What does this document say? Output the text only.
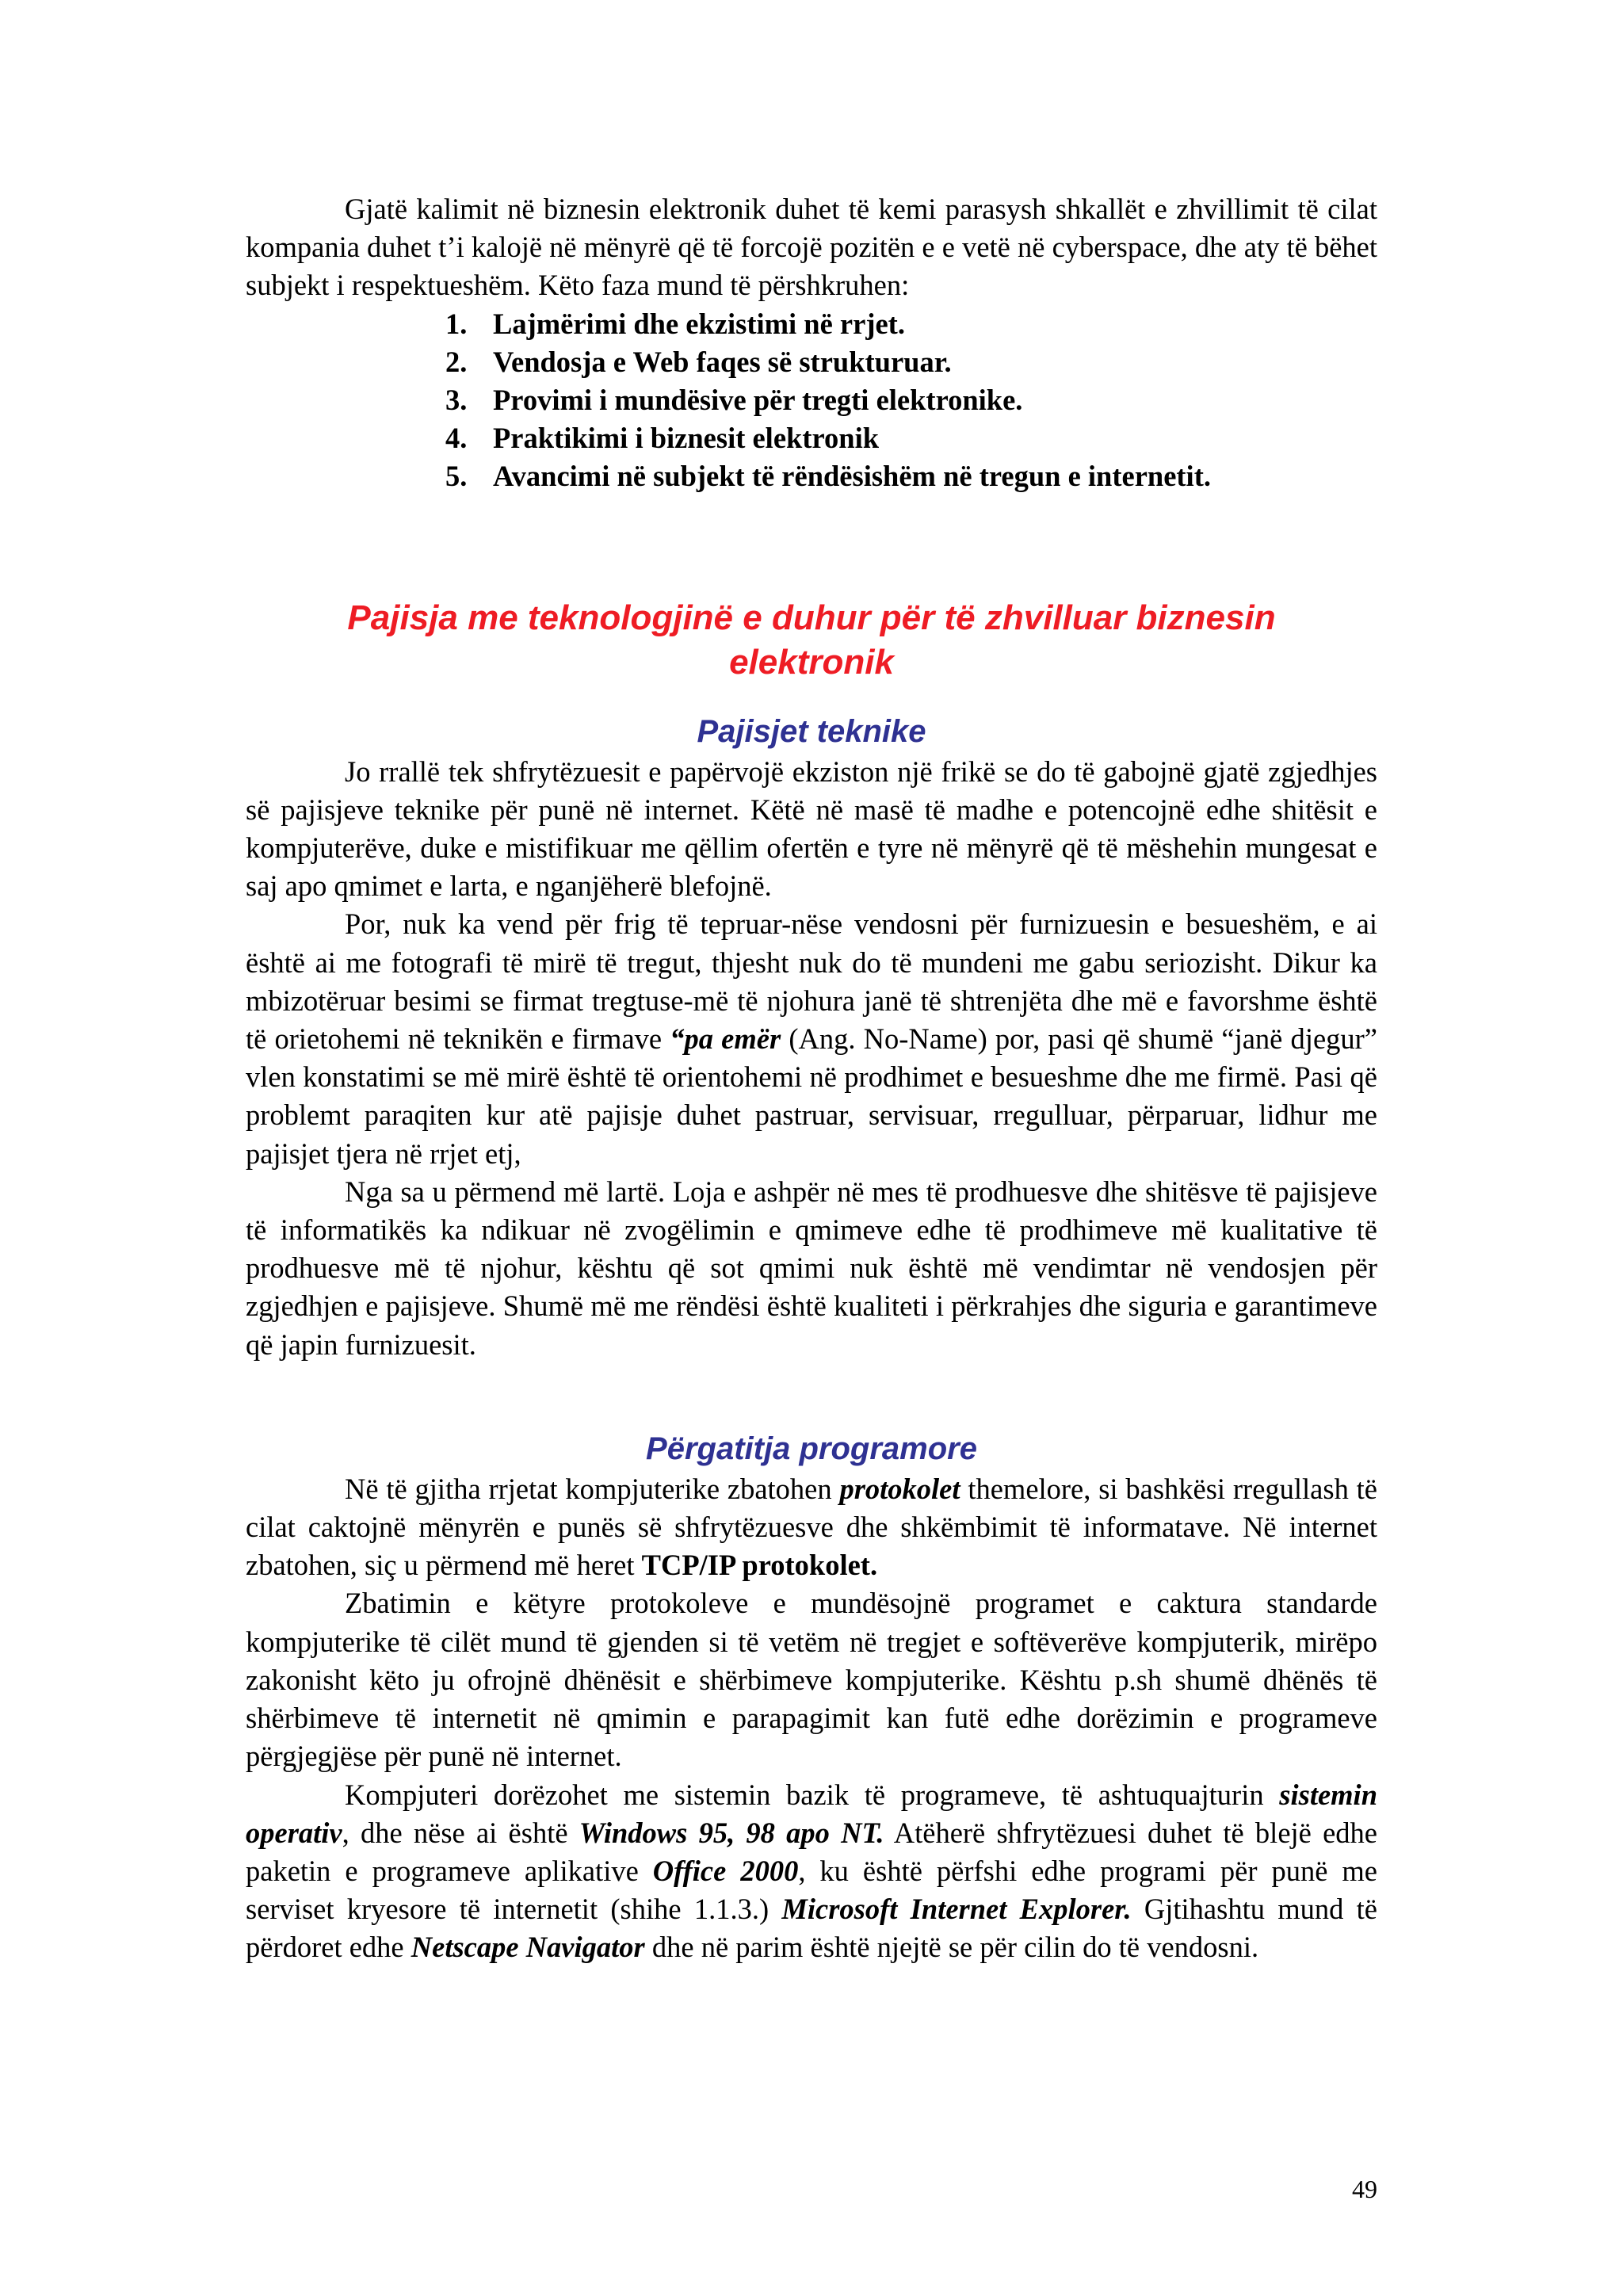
Gjatë kalimit në biznesin elektronik duhet të kemi parasysh shkallët e zhvillimit të cilat kompania duhet t’i kalojë në mënyrë që të forcojë pozitën e e vetë në cyberspace, dhe aty të bëhet subjekt i respektueshëm. Këto faza mund të përshkruhen:

1. Lajmërimi dhe ekzistimi në rrjet.
2. Vendosja e Web faqes së strukturuar.
3. Provimi i mundësive për tregti elektronike.
4. Praktikimi i biznesit elektronik
5. Avancimi në subjekt të rëndësishëm në tregun e internetit.
Pajisja me teknologjinë e duhur për të zhvilluar biznesin
elektronik
Pajisjet teknike

Jo rrallë tek shfrytëzuesit e papërvojë ekziston një frikë se do të gabojnë gjatë zgjedhjes së pajisjeve teknike për punë në internet. Këtë në masë të madhe e potencojnë edhe shitësit e kompjuterëve, duke e mistifikuar me qëllim ofertën e tyre në mënyrë që të mëshehin mungesat e saj apo qmimet e larta, e nganjëherë blefojnë.

Por, nuk ka vend për frig të tepruar-nëse vendosni për furnizuesin e besueshëm, e ai është ai me fotografi të mirë të tregut, thjesht nuk do të mundeni me gabu seriozisht. Dikur ka mbizotëruar besimi se firmat tregtuse-më të njohura janë të shtrenjëta dhe më e favorshme është të orietohemi në teknikën e firmave “pa emër (Ang. No-Name) por, pasi që shumë “janë djegur” vlen konstatimi se më mirë është të orientohemi në prodhimet e besueshme dhe me firmë. Pasi që problemt paraqiten kur atë pajisje duhet pastruar, servisuar, rregulluar, përparuar, lidhur me pajisjet tjera në rrjet etj,

Nga sa u përmend më lartë. Loja e ashpër në mes të prodhuesve dhe shitësve të pajisjeve të informatikës ka ndikuar në zvogëlimin e qmimeve edhe të prodhimeve më kualitative të prodhuesve më të njohur, kështu që sot qmimi nuk është më vendimtar në vendosjen për zgjedhjen e pajisjeve. Shumë më me rëndësi është kualiteti i përkrahjes dhe siguria e garantimeve që japin furnizuesit.

Përgatitja programore

Në të gjitha rrjetat kompjuterike zbatohen protokolet themelore, si bashkësi rregullash të cilat caktojnë mënyrën e punës së shfrytëzuesve dhe shkëmbimit të informatave. Në internet zbatohen, siç u përmend më heret TCP/IP protokolet.

Zbatimin e këtyre protokoleve e mundësojnë programet e caktura standarde kompjuterike të cilët mund të gjenden si të vetëm në tregjet e softëverëve kompjuterik, mirëpo zakonisht këto ju ofrojnë dhënësit e shërbimeve kompjuterike. Kështu p.sh shumë dhënës të shërbimeve të internetit në qmimin e parapagimit kan futë edhe dorëzimin e programeve përgjegjëse për punë në internet.

Kompjuteri dorëzohet me sistemin bazik të programeve, të ashtuquajturin sistemin operativ, dhe nëse ai është Windows 95, 98 apo NT. Atëherë shfrytëzuesi duhet të blejë edhe paketin e programeve aplikative Office 2000, ku është përfshi edhe programi për punë me serviset kryesore të internetit (shihe 1.1.3.) Microsoft Internet Explorer. Gjtihashtu mund të përdoret edhe Netscape Navigator dhe në parim është njejtë se për cilin do të vendosni.

49
